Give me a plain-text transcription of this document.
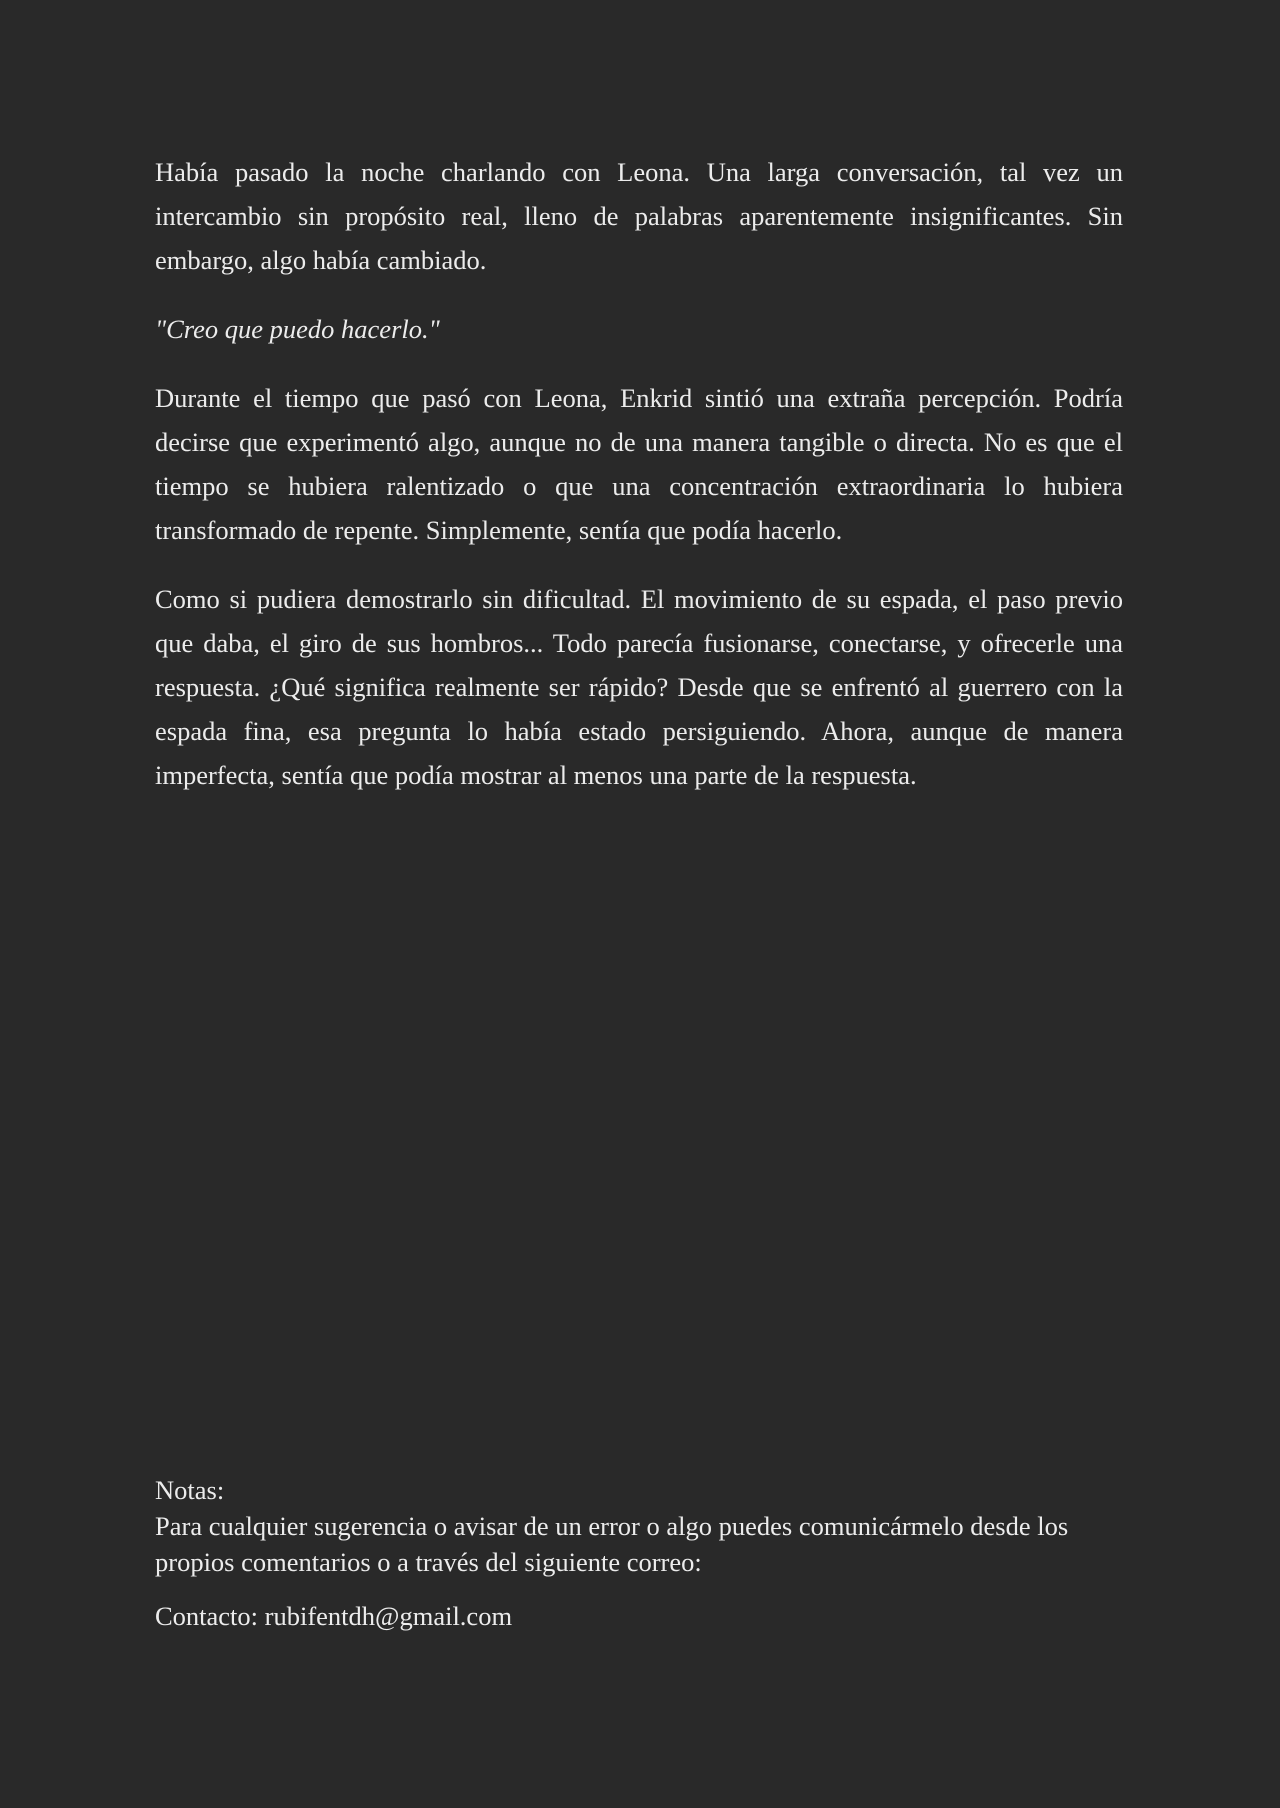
Había pasado la noche charlando con Leona. Una larga conversación, tal vez un intercambio sin propósito real, lleno de palabras aparentemente insignificantes. Sin embargo, algo había cambiado.

"Creo que puedo hacerlo."

Durante el tiempo que pasó con Leona, Enkrid sintió una extraña percepción. Podría decirse que experimentó algo, aunque no de una manera tangible o directa. No es que el tiempo se hubiera ralentizado o que una concentración extraordinaria lo hubiera transformado de repente. Simplemente, sentía que podía hacerlo.

Como si pudiera demostrarlo sin dificultad. El movimiento de su espada, el paso previo que daba, el giro de sus hombros... Todo parecía fusionarse, conectarse, y ofrecerle una respuesta. ¿Qué significa realmente ser rápido? Desde que se enfrentó al guerrero con la espada fina, esa pregunta lo había estado persiguiendo. Ahora, aunque de manera imperfecta, sentía que podía mostrar al menos una parte de la respuesta.

Notas:

Para cualquier sugerencia o avisar de un error o algo puedes comunicármelo desde los propios comentarios o a través del siguiente correo:

Contacto: rubifentdh@gmail.com
